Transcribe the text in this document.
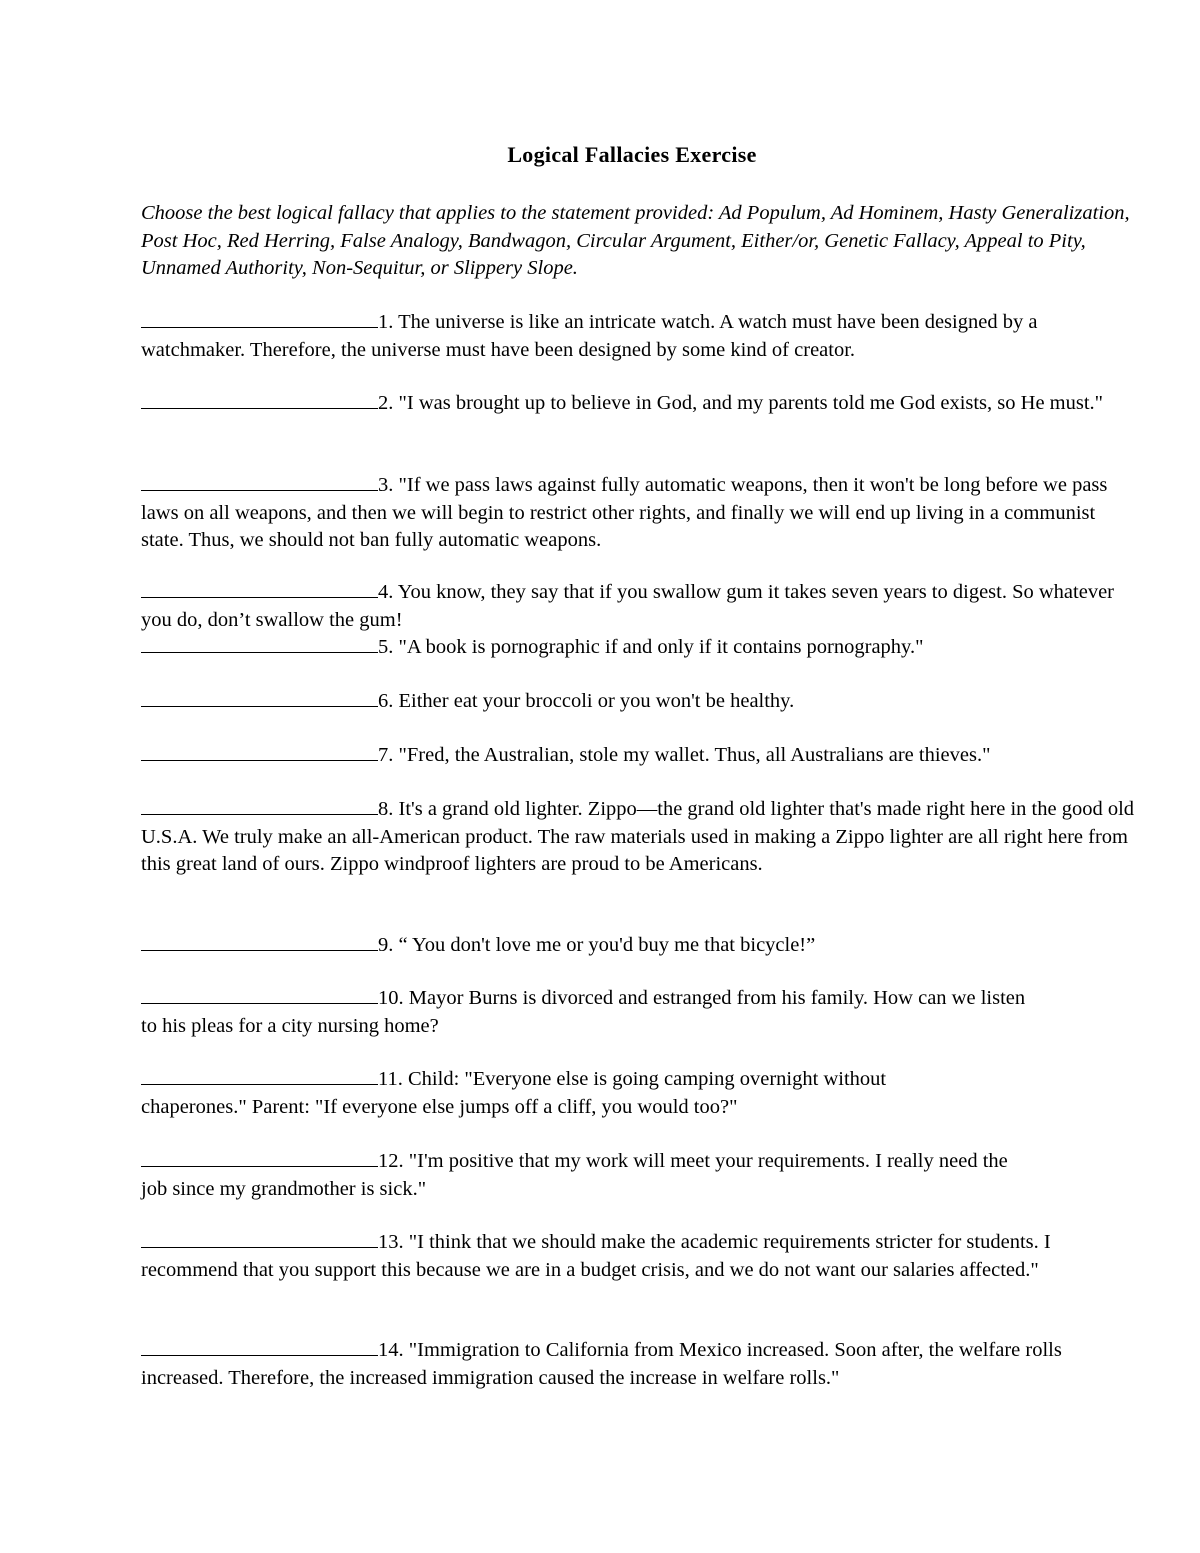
Logical Fallacies Exercise
Choose the best logical fallacy that applies to the statement provided: Ad Populum, Ad Hominem, Hasty Generalization, Post Hoc, Red Herring, False Analogy, Bandwagon, Circular Argument, Either/or, Genetic Fallacy, Appeal to Pity, Unnamed Authority, Non-Sequitur, or Slippery Slope.
1. The universe is like an intricate watch. A watch must have been designed by a watchmaker. Therefore, the universe must have been designed by some kind of creator.
2. "I was brought up to believe in God, and my parents told me God exists, so He must."
3. "If we pass laws against fully automatic weapons, then it won't be long before we pass laws on all weapons, and then we will begin to restrict other rights, and finally we will end up living in a communist state. Thus, we should not ban fully automatic weapons.
4. You know, they say that if you swallow gum it takes seven years to digest. So whatever you do, don’t swallow the gum!
5. "A book is pornographic if and only if it contains pornography."
6. Either eat your broccoli or you won't be healthy.
7. "Fred, the Australian, stole my wallet. Thus, all Australians are thieves."
8. It's a grand old lighter. Zippo—the grand old lighter that's made right here in the good old U.S.A. We truly make an all-American product. The raw materials used in making a Zippo lighter are all right here from this great land of ours. Zippo windproof lighters are proud to be Americans.
9. “ You don't love me or you'd buy me that bicycle!”
10. Mayor Burns is divorced and estranged from his family. How can we listen to his pleas for a city nursing home?
11. Child: "Everyone else is going camping overnight without chaperones." Parent: "If everyone else jumps off a cliff, you would too?"
12. "I'm positive that my work will meet your requirements. I really need the job since my grandmother is sick."
13. "I think that we should make the academic requirements stricter for students. I recommend that you support this because we are in a budget crisis, and we do not want our salaries affected."
14. "Immigration to California from Mexico increased. Soon after, the welfare rolls increased. Therefore, the increased immigration caused the increase in welfare rolls."
